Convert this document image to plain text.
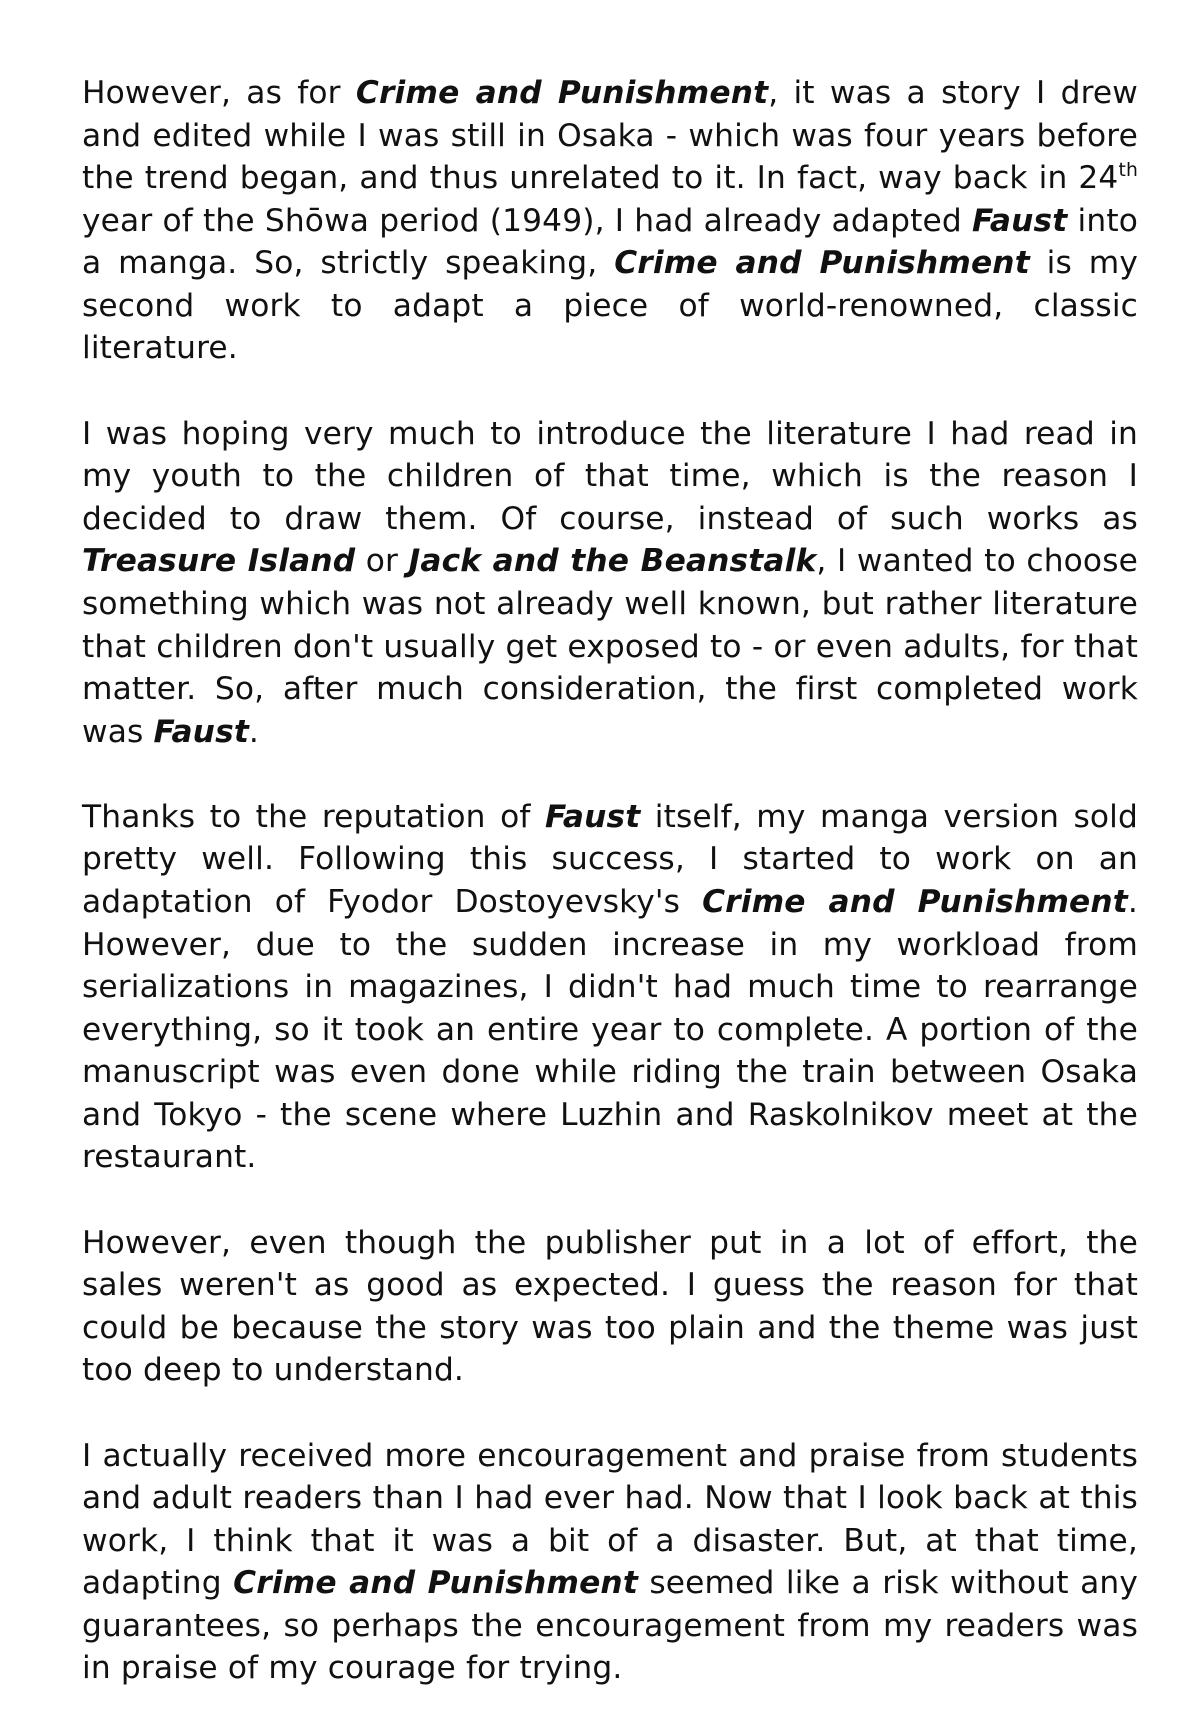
However, as for Crime and Punishment, it was a story I drew and edited while I was still in Osaka - which was four years before the trend began, and thus unrelated to it. In fact, way back in 24th year of the Shōwa period (1949), I had already adapted Faust into a manga. So, strictly speaking, Crime and Punishment is my second work to adapt a piece of world-renowned, classic literature.

I was hoping very much to introduce the literature I had read in my youth to the children of that time, which is the reason I decided to draw them. Of course, instead of such works as Treasure Island or Jack and the Beanstalk, I wanted to choose something which was not already well known, but rather literature that children don't usually get exposed to - or even adults, for that matter. So, after much consideration, the first completed work was Faust.

Thanks to the reputation of Faust itself, my manga version sold pretty well. Following this success, I started to work on an adaptation of Fyodor Dostoyevsky's Crime and Punishment. However, due to the sudden increase in my workload from serializations in magazines, I didn't had much time to rearrange everything, so it took an entire year to complete. A portion of the manuscript was even done while riding the train between Osaka and Tokyo - the scene where Luzhin and Raskolnikov meet at the restaurant.

However, even though the publisher put in a lot of effort, the sales weren't as good as expected. I guess the reason for that could be because the story was too plain and the theme was just too deep to understand.

I actually received more encouragement and praise from students and adult readers than I had ever had. Now that I look back at this work, I think that it was a bit of a disaster. But, at that time, adapting Crime and Punishment seemed like a risk without any guarantees, so perhaps the encouragement from my readers was in praise of my courage for trying.
